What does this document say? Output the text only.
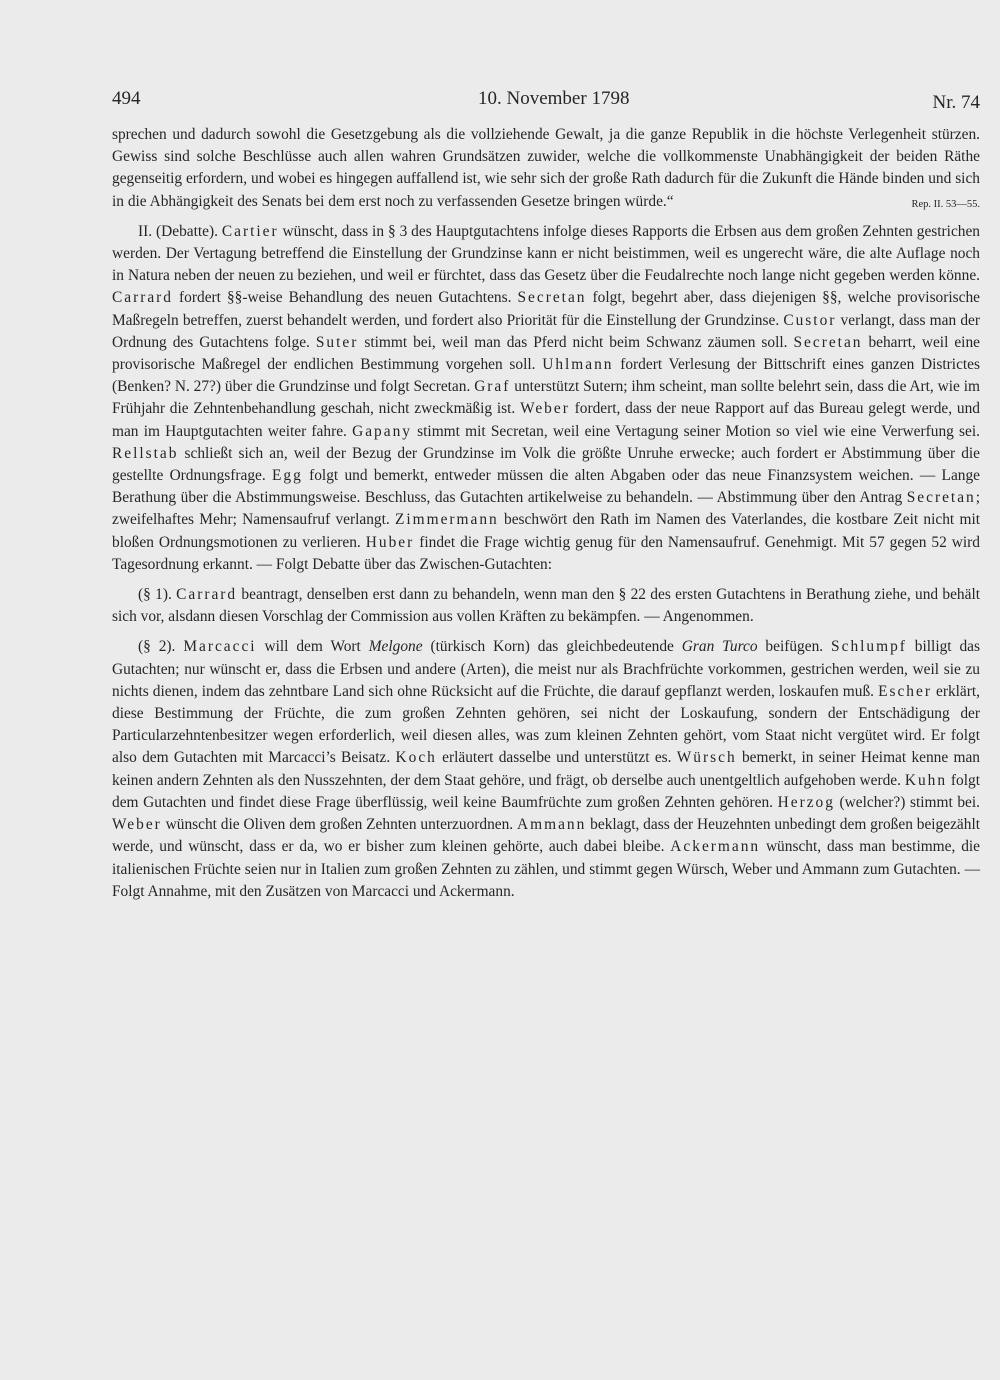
494	10. November 1798	Nr. 74

sprechen und dadurch sowohl die Gesetzgebung als die vollziehende Gewalt, ja die ganze Republik in die höchste Verlegenheit stürzen. Gewiss sind solche Beschlüsse auch allen wahren Grundsätzen zuwider, welche die vollkommenste Unabhängigkeit der beiden Räthe gegenseitig erfordern, und wobei es hingegen auffallend ist, wie sehr sich der große Rath dadurch für die Zukunft die Hände binden und sich in die Abhängigkeit des Senats bei dem erst noch zu verfassenden Gesetze bringen würde.“	Rep. II. 53—55.

II. (Debatte). Cartier wünscht, dass in § 3 des Hauptgutachtens infolge dieses Rapports die Erbsen aus dem großen Zehnten gestrichen werden. Der Vertagung betreffend die Einstellung der Grundzinse kann er nicht beistimmen, weil es ungerecht wäre, die alte Auflage noch in Natura neben der neuen zu beziehen, und weil er fürchtet, dass das Gesetz über die Feudalrechte noch lange nicht gegeben werden könne. Carrard fordert §§-weise Behandlung des neuen Gutachtens. Secretan folgt, begehrt aber, dass diejenigen §§, welche provisorische Maßregeln betreffen, zuerst behandelt werden, und fordert also Priorität für die Einstellung der Grundzinse. Custor verlangt, dass man der Ordnung des Gutachtens folge. Suter stimmt bei, weil man das Pferd nicht beim Schwanz zäumen soll. Secretan beharrt, weil eine provisorische Maßregel der endlichen Bestimmung vorgehen soll. Uhlmann fordert Verlesung der Bittschrift eines ganzen Districtes (Benken? N. 27?) über die Grundzinse und folgt Secretan. Graf unterstützt Sutern; ihm scheint, man sollte belehrt sein, dass die Art, wie im Frühjahr die Zehntenbehandlung geschah, nicht zweckmäßig ist. Weber fordert, dass der neue Rapport auf das Bureau gelegt werde, und man im Hauptgutachten weiter fahre. Gapany stimmt mit Secretan, weil eine Vertagung seiner Motion so viel wie eine Verwerfung sei. Rellstab schließt sich an, weil der Bezug der Grundzinse im Volk die größte Unruhe erwecke; auch fordert er Abstimmung über die gestellte Ordnungsfrage. Egg folgt und bemerkt, entweder müssen die alten Abgaben oder das neue Finanzsystem weichen. — Lange Berathung über die Abstimmungsweise. Beschluss, das Gutachten artikelweise zu behandeln. — Abstimmung über den Antrag Secretan; zweifelhaftes Mehr; Namensaufruf verlangt. Zimmermann beschwört den Rath im Namen des Vaterlandes, die kostbare Zeit nicht mit bloßen Ordnungsmotionen zu verlieren. Huber findet die Frage wichtig genug für den Namensaufruf. Genehmigt. Mit 57 gegen 52 wird Tagesordnung erkannt. — Folgt Debatte über das Zwischen-Gutachten:

(§ 1). Carrard beantragt, denselben erst dann zu behandeln, wenn man den § 22 des ersten Gutachtens in Berathung ziehe, und behält sich vor, alsdann diesen Vorschlag der Commission aus vollen Kräften zu bekämpfen. — Angenommen.

(§ 2). Marcacci will dem Wort Melgone (türkisch Korn) das gleichbedeutende Gran Turco beifügen. Schlumpf billigt das Gutachten; nur wünscht er, dass die Erbsen und andere (Arten), die meist nur als Brachfrüchte vorkommen, gestrichen werden, weil sie zu nichts dienen, indem das zehntbare Land sich ohne Rücksicht auf die Früchte, die darauf gepflanzt werden, loskaufen muß. Escher erklärt, diese Bestimmung der Früchte, die zum großen Zehnten gehören, sei nicht der Loskaufung, sondern der Entschädigung der Particularzehntenbesitzer wegen erforderlich, weil diesen alles, was zum kleinen Zehnten gehört, vom Staat nicht vergütet wird. Er folgt also dem Gutachten mit Marcacci’s Beisatz. Koch erläutert dasselbe und unterstützt es. Würsch bemerkt, in seiner Heimat kenne man keinen andern Zehnten als den Nusszehnten, der dem Staat gehöre, und frägt, ob derselbe auch unentgeltlich aufgehoben werde. Kuhn folgt dem Gutachten und findet diese Frage überflüssig, weil keine Baumfrüchte zum großen Zehnten gehören. Herzog (welcher?) stimmt bei. Weber wünscht die Oliven dem großen Zehnten unterzuordnen. Ammann beklagt, dass der Heuzehnten unbedingt dem großen beigezählt werde, und wünscht, dass er da, wo er bisher zum kleinen gehörte, auch dabei bleibe. Ackermann wünscht, dass man bestimme, die italienischen Früchte seien nur in Italien zum großen Zehnten zu zählen, und stimmt gegen Würsch, Weber und Ammann zum Gutachten. — Folgt Annahme, mit den Zusätzen von Marcacci und Ackermann.
